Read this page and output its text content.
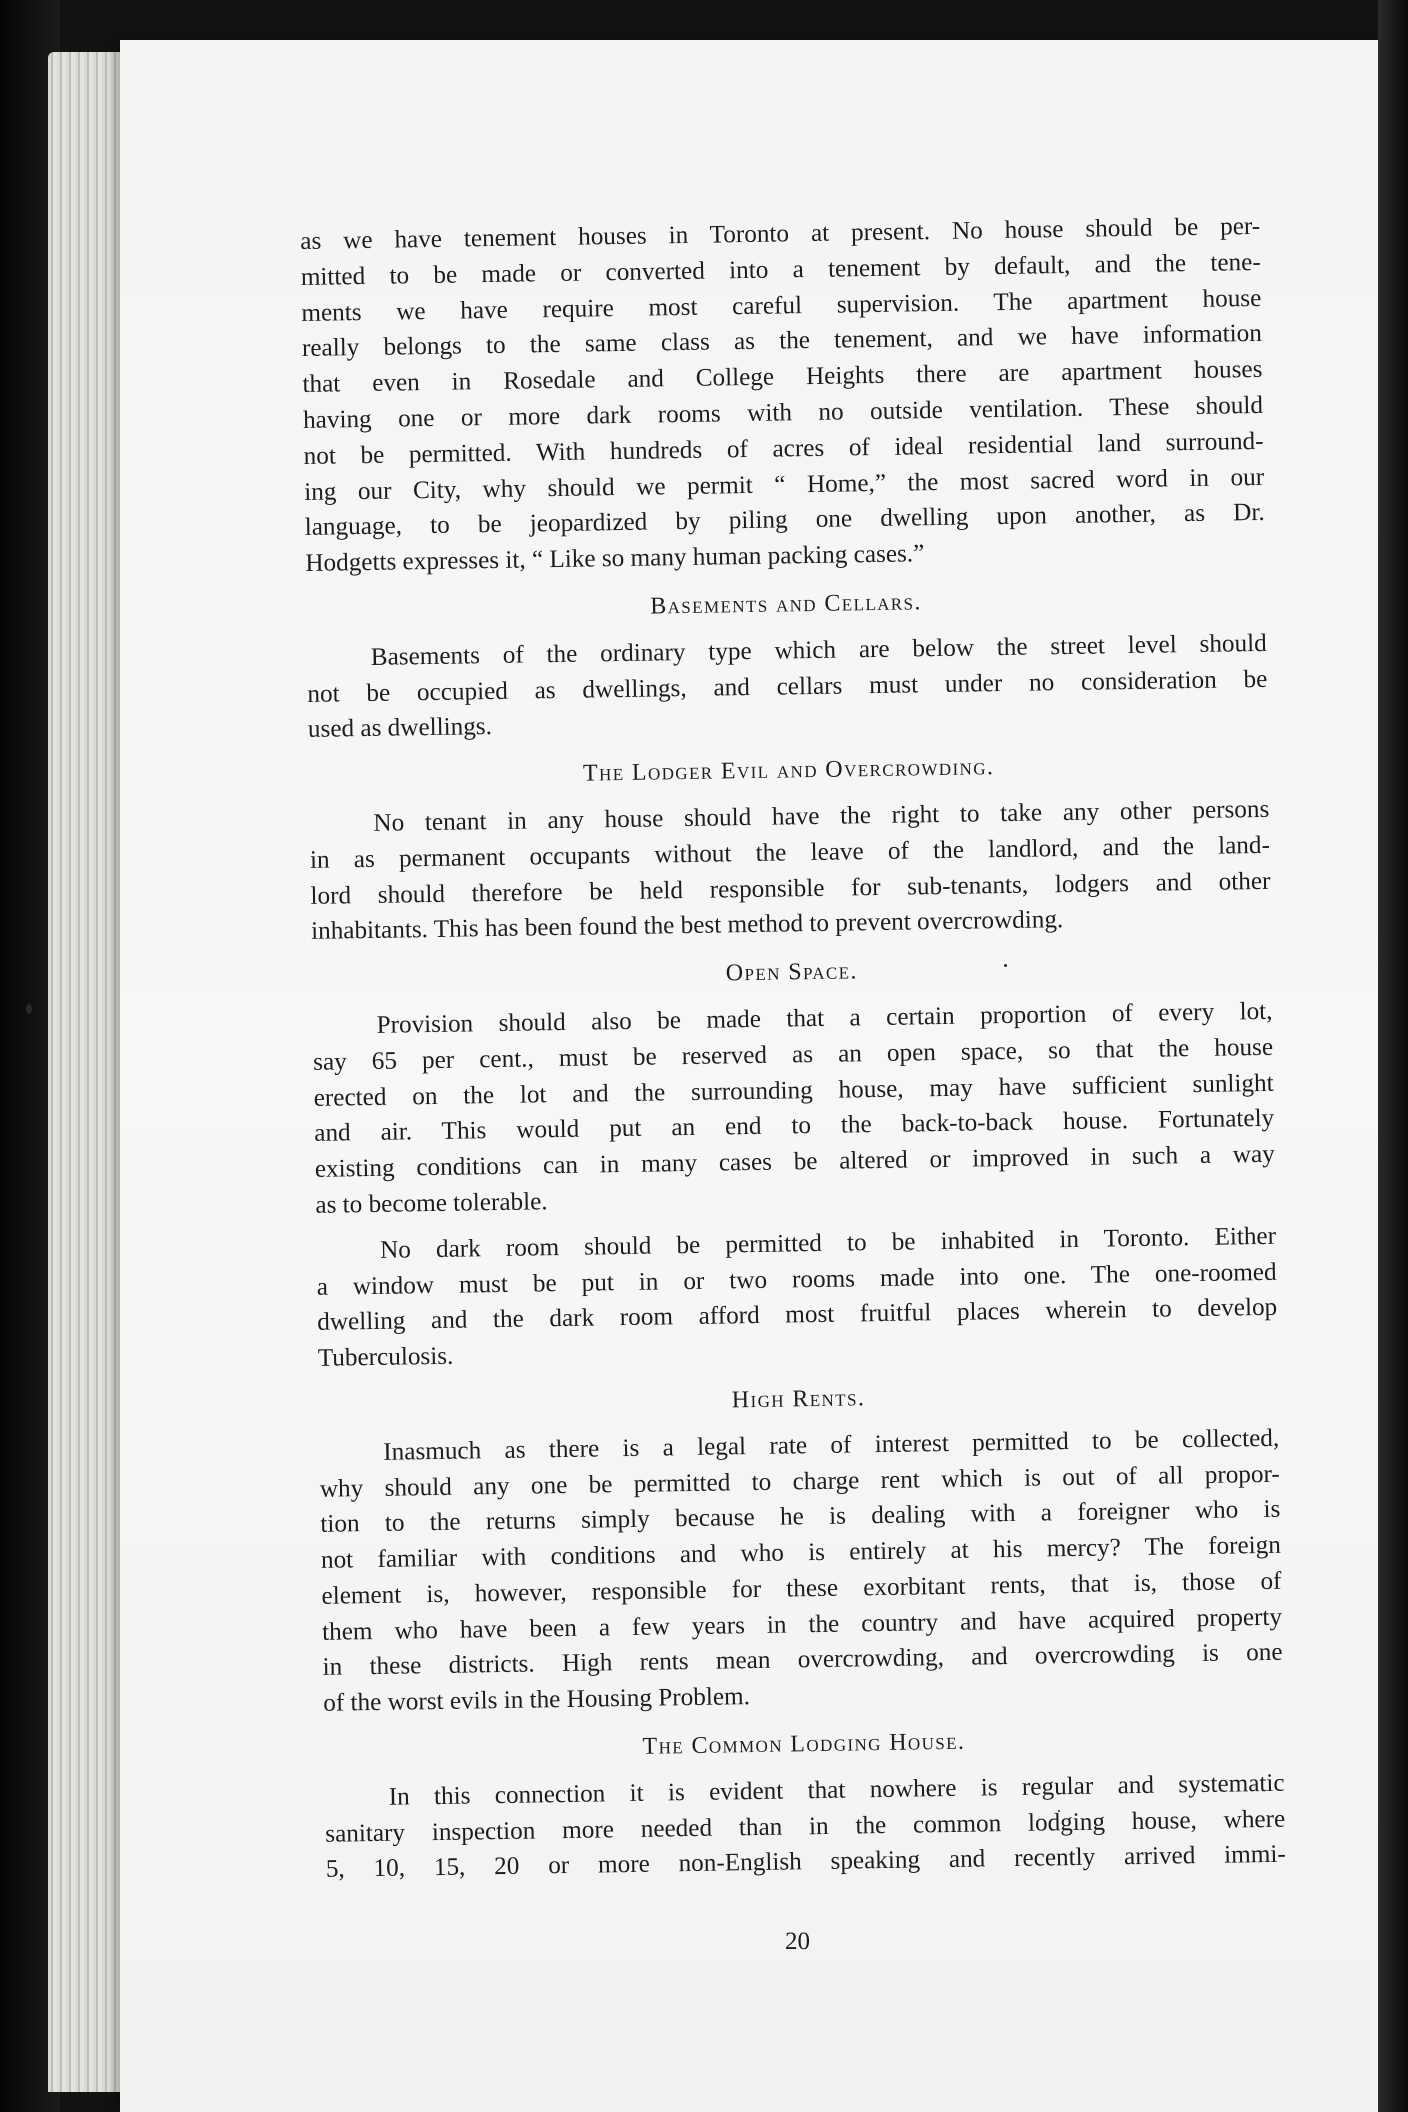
as we have tenement houses in Toronto at present. No house should be per-
mitted to be made or converted into a tenement by default, and the tene-
ments we have require most careful supervision. The apartment house
really belongs to the same class as the tenement, and we have information
that even in Rosedale and College Heights there are apartment houses
having one or more dark rooms with no outside ventilation. These should
not be permitted. With hundreds of acres of ideal residential land surround-
ing our City, why should we permit “ Home,” the most sacred word in our
language, to be jeopardized by piling one dwelling upon another, as Dr.
Hodgetts expresses it, “ Like so many human packing cases.”
Basements and Cellars.
Basements of the ordinary type which are below the street level should
not be occupied as dwellings, and cellars must under no consideration be
used as dwellings.
The Lodger Evil and Overcrowding.
No tenant in any house should have the right to take any other persons
in as permanent occupants without the leave of the landlord, and the land-
lord should therefore be held responsible for sub-tenants, lodgers and other
inhabitants. This has been found the best method to prevent overcrowding.
Open Space.
Provision should also be made that a certain proportion of every lot,
say 65 per cent., must be reserved as an open space, so that the house
erected on the lot and the surrounding house, may have sufficient sunlight
and air. This would put an end to the back-to-back house. Fortunately
existing conditions can in many cases be altered or improved in such a way
as to become tolerable.
No dark room should be permitted to be inhabited in Toronto. Either
a window must be put in or two rooms made into one. The one-roomed
dwelling and the dark room afford most fruitful places wherein to develop
Tuberculosis.
High Rents.
Inasmuch as there is a legal rate of interest permitted to be collected,
why should any one be permitted to charge rent which is out of all propor-
tion to the returns simply because he is dealing with a foreigner who is
not familiar with conditions and who is entirely at his mercy? The foreign
element is, however, responsible for these exorbitant rents, that is, those of
them who have been a few years in the country and have acquired property
in these districts. High rents mean overcrowding, and overcrowding is one
of the worst evils in the Housing Problem.
The Common Lodging House.
In this connection it is evident that nowhere is regular and systematic
sanitary inspection more needed than in the common lodging house, where
5, 10, 15, 20 or more non-English speaking and recently arrived immi-
20
